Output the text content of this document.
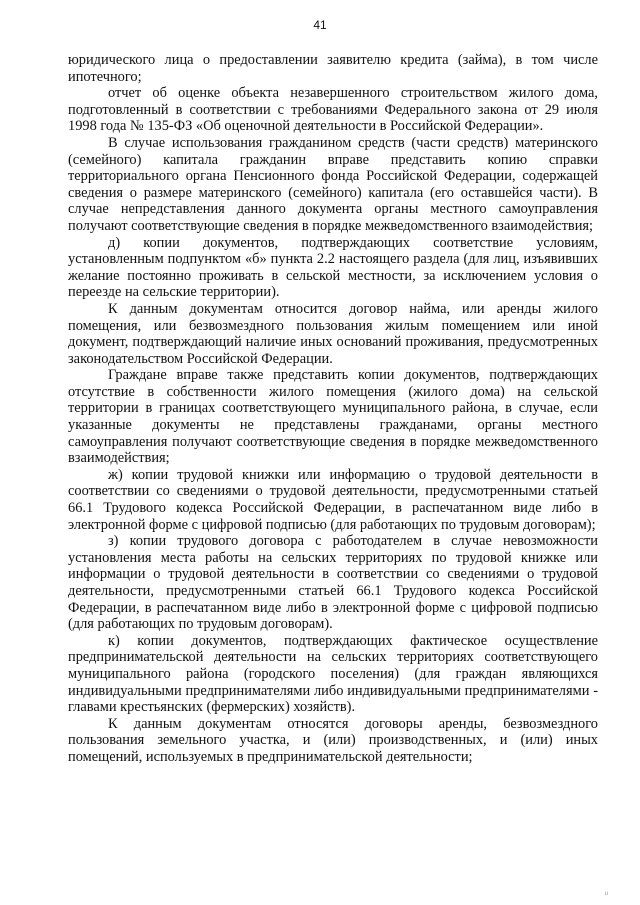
41

юридического лица о предоставлении заявителю кредита (займа), в том числе ипотечного;

отчет об оценке объекта незавершенного строительством жилого дома, подготовленный в соответствии с требованиями Федерального закона от 29 июля 1998 года № 135-ФЗ «Об оценочной деятельности в Российской Федерации».

В случае использования гражданином средств (части средств) материнского (семейного) капитала гражданин вправе представить копию справки территориального органа Пенсионного фонда Российской Федерации, содержащей сведения о размере материнского (семейного) капитала (его оставшейся части). В случае непредставления данного документа органы местного самоуправления получают соответствующие сведения в порядке межведомственного взаимодействия;

д) копии документов, подтверждающих соответствие условиям, установленным подпунктом «б» пункта 2.2 настоящего раздела (для лиц, изъявивших желание постоянно проживать в сельской местности, за исключением условия о переезде на сельские территории).

К данным документам относится договор найма, или аренды жилого помещения, или безвозмездного пользования жилым помещением или иной документ, подтверждающий наличие иных оснований проживания, предусмотренных законодательством Российской Федерации.

Граждане вправе также представить копии документов, подтверждающих отсутствие в собственности жилого помещения (жилого дома) на сельской территории в границах соответствующего муниципального района, в случае, если указанные документы не представлены гражданами, органы местного самоуправления получают соответствующие сведения в порядке межведомственного взаимодействия;

ж) копии трудовой книжки или информацию о трудовой деятельности в соответствии со сведениями о трудовой деятельности, предусмотренными статьей 66.1 Трудового кодекса Российской Федерации, в распечатанном виде либо в электронной форме с цифровой подписью (для работающих по трудовым договорам);

з) копии трудового договора с работодателем в случае невозможности установления места работы на сельских территориях по трудовой книжке или информации о трудовой деятельности в соответствии со сведениями о трудовой деятельности, предусмотренными статьей 66.1 Трудового кодекса Российской Федерации, в распечатанном виде либо в электронной форме с цифровой подписью (для работающих по трудовым договорам).

к) копии документов, подтверждающих фактическое осуществление предпринимательской деятельности на сельских территориях соответствующего муниципального района (городского поселения) (для граждан являющихся индивидуальными предпринимателями либо индивидуальными предпринимателями - главами крестьянских (фермерских) хозяйств).

К данным документам относятся договоры аренды, безвозмездного пользования земельного участка, и (или) производственных, и (или) иных помещений, используемых в предпринимательской деятельности;

u
